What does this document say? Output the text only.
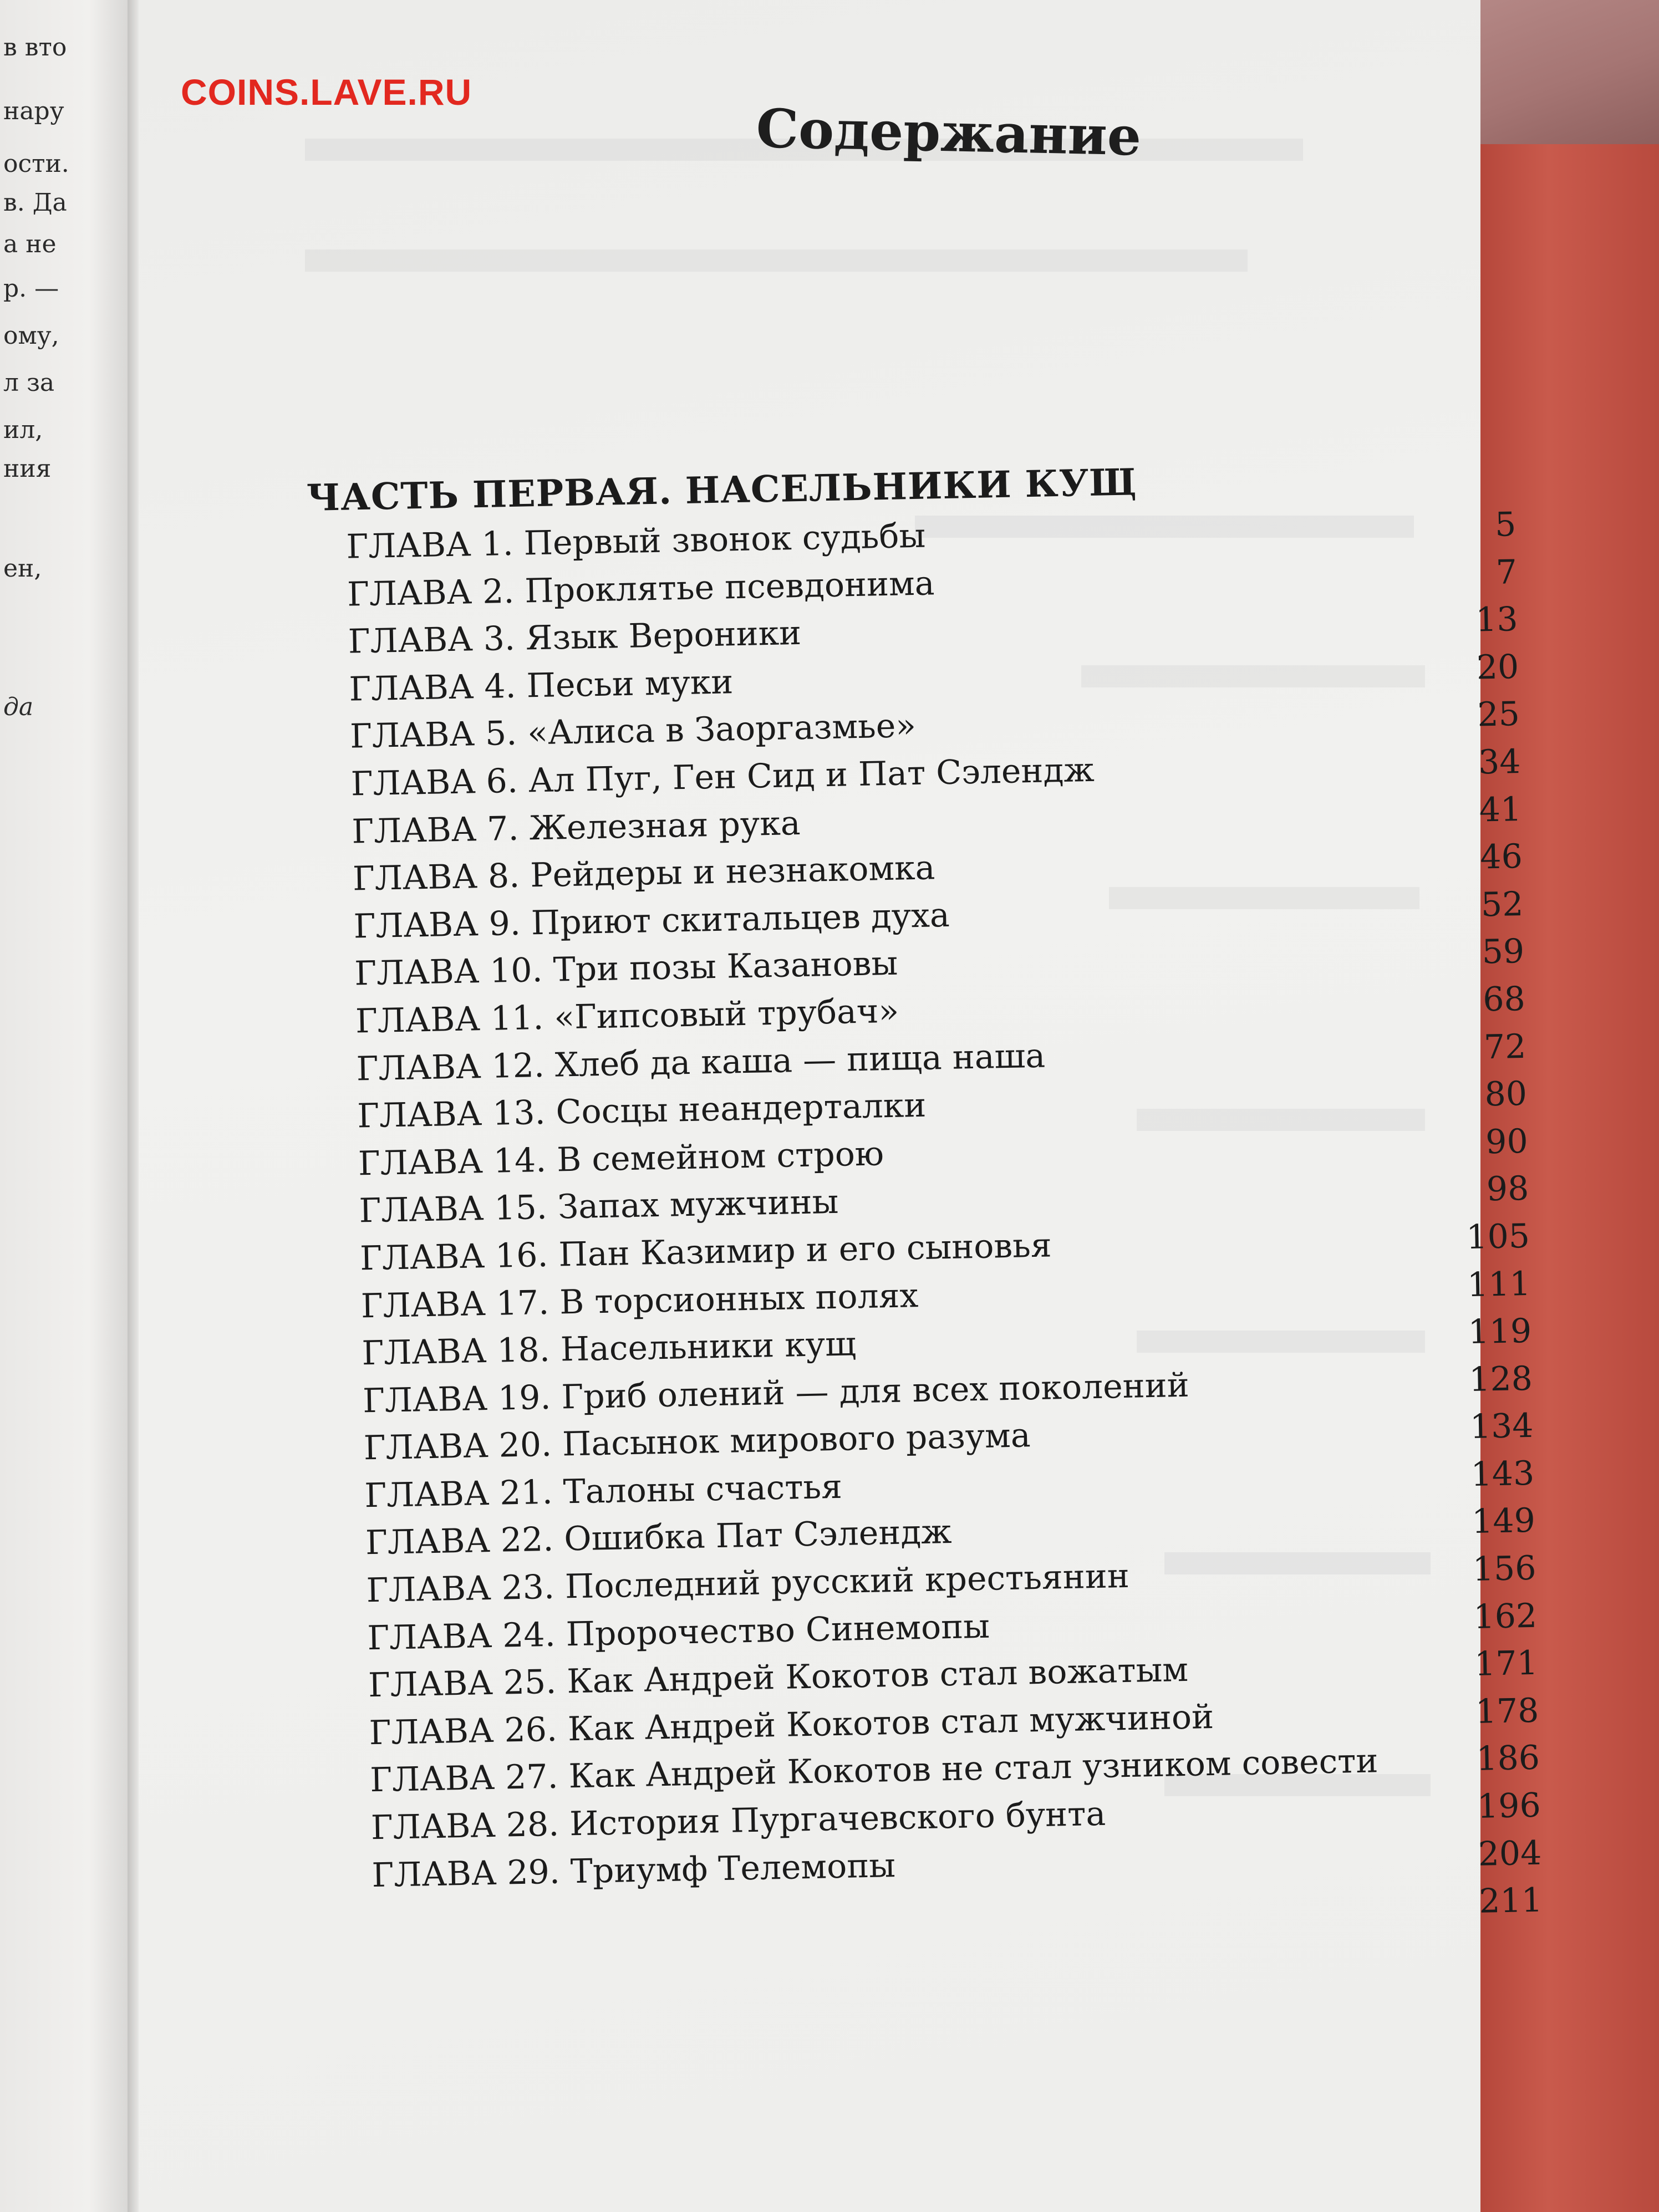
в вто
нару
ости.
в. Да
а не
р. —
ому,
л за
ил,
ния
ен,
да
COINS.LAVE.RU
Содержание
ЧАСТЬ ПЕРВАЯ. НАСЕЛЬНИКИ КУЩ
ГЛАВА 1. Первый звонок судьбы	5
ГЛАВА 2. Проклятье псевдонима	7
ГЛАВА 3. Язык Вероники	13
ГЛАВА 4. Песьи муки	20
ГЛАВА 5. «Алиса в Заоргазмье»	25
ГЛАВА 6. Ал Пуг, Ген Сид и Пат Сэлендж	34
ГЛАВА 7. Железная рука	41
ГЛАВА 8. Рейдеры и незнакомка	46
ГЛАВА 9. Приют скитальцев духа	52
ГЛАВА 10. Три позы Казановы	59
ГЛАВА 11. «Гипсовый трубач»	68
ГЛАВА 12. Хлеб да каша — пища наша	72
ГЛАВА 13. Сосцы неандерталки	80
ГЛАВА 14. В семейном строю	90
ГЛАВА 15. Запах мужчины	98
ГЛАВА 16. Пан Казимир и его сыновья	105
ГЛАВА 17. В торсионных полях	111
ГЛАВА 18. Насельники кущ	119
ГЛАВА 19. Гриб олений — для всех поколений	128
ГЛАВА 20. Пасынок мирового разума	134
ГЛАВА 21. Талоны счастья	143
ГЛАВА 22. Ошибка Пат Сэлендж	149
ГЛАВА 23. Последний русский крестьянин	156
ГЛАВА 24. Пророчество Синемопы	162
ГЛАВА 25. Как Андрей Кокотов стал вожатым	171
ГЛАВА 26. Как Андрей Кокотов стал мужчиной	178
ГЛАВА 27. Как Андрей Кокотов не стал узником совести	186
ГЛАВА 28. История Пургачевского бунта	196
ГЛАВА 29. Триумф Телемопы	204
211
